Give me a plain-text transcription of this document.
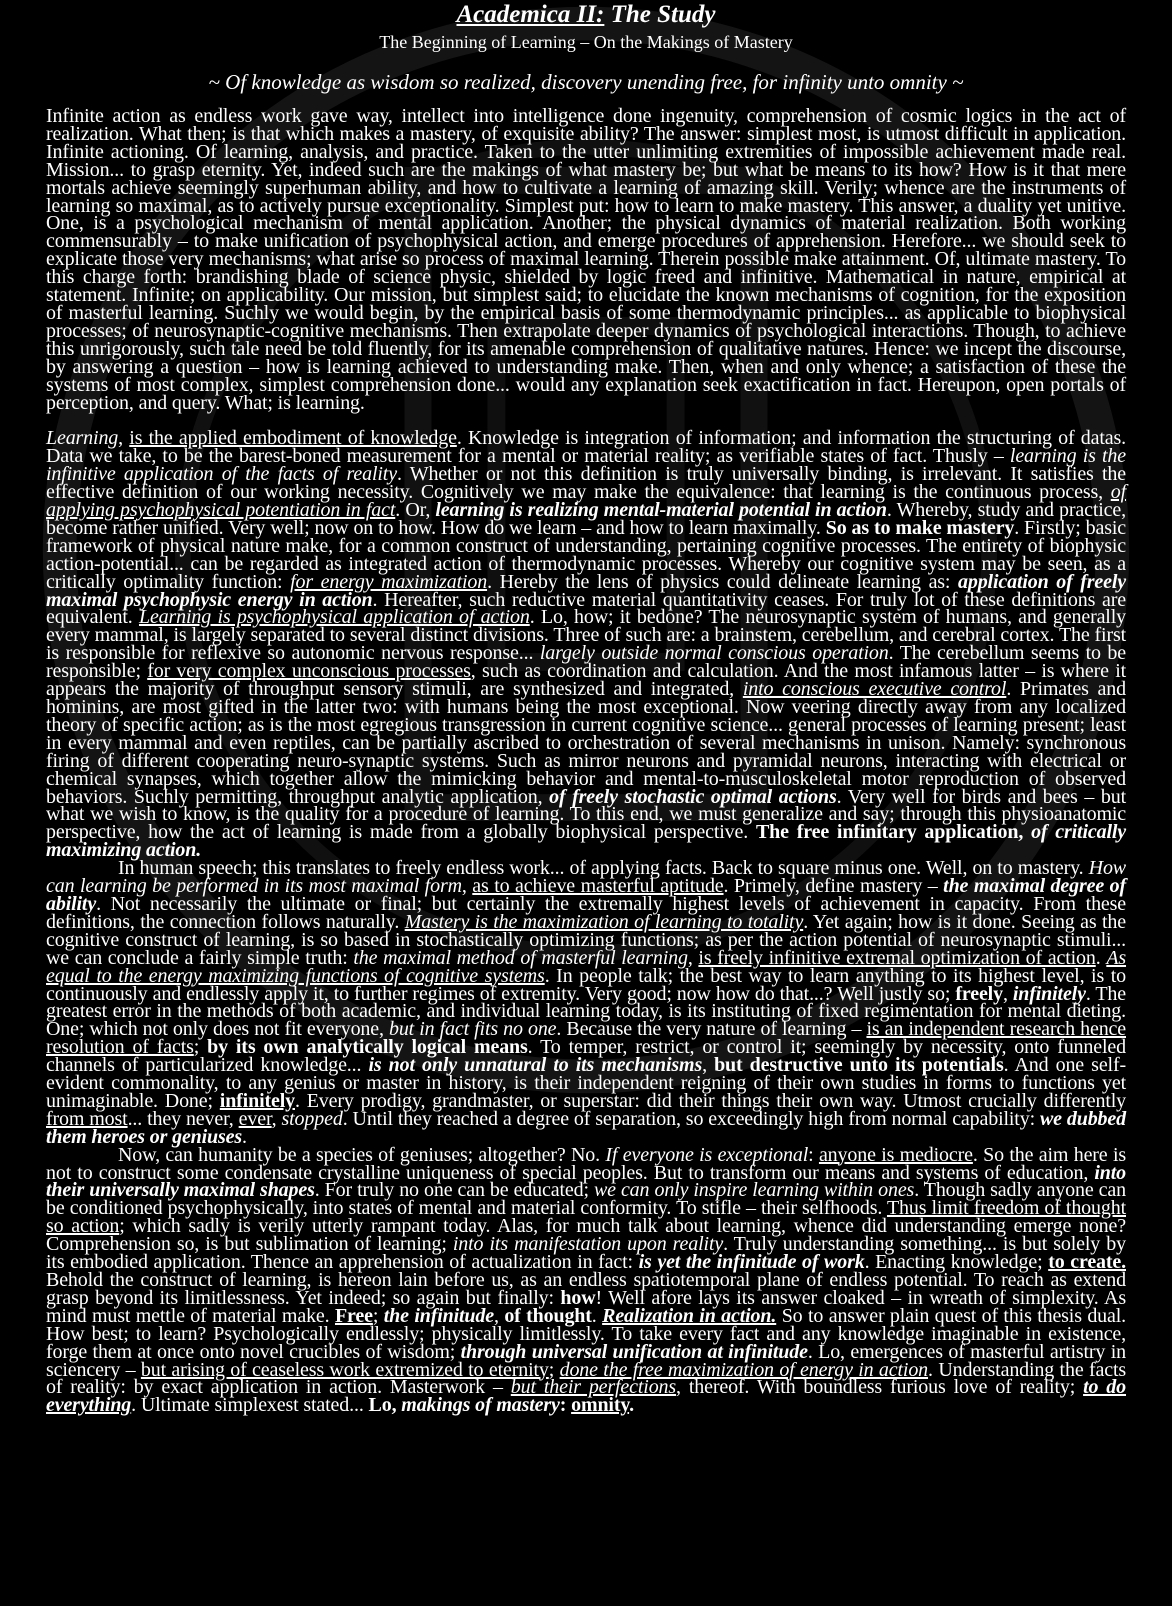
Academica II: The Study
The Beginning of Learning – On the Makings of Mastery
~ Of knowledge as wisdom so realized, discovery unending free, for infinity unto omnity ~

Infinite action as endless work gave way, intellect into intelligence done ingenuity, comprehension of cosmic logics in the act of realization. What then; is that which makes a mastery, of exquisite ability? The answer: simplest most, is utmost difficult in application. Infinite actioning. Of learning, analysis, and practice. Taken to the utter unlimiting extremities of impossible achievement made real. Mission... to grasp eternity. Yet, indeed such are the makings of what mastery be; but what be means to its how? How is it that mere mortals achieve seemingly superhuman ability, and how to cultivate a learning of amazing skill. Verily; whence are the instruments of learning so maximal, as to actively pursue exceptionality. Simplest put: how to learn to make mastery. This answer, a duality yet unitive. One, is a psychological mechanism of mental application. Another; the physical dynamics of material realization. Both working commensurably – to make unification of psychophysical action, and emerge procedures of apprehension. Herefore... we should seek to explicate those very mechanisms; what arise so process of maximal learning. Therein possible make attainment. Of, ultimate mastery. To this charge forth: brandishing blade of science physic, shielded by logic freed and infinitive. Mathematical in nature, empirical at statement. Infinite; on applicability. Our mission, but simplest said; to elucidate the known mechanisms of cognition, for the exposition of masterful learning. Suchly we would begin, by the empirical basis of some thermodynamic principles... as applicable to biophysical processes; of neurosynaptic-cognitive mechanisms. Then extrapolate deeper dynamics of psychological interactions. Though, to achieve this unrigorously, such tale need be told fluently, for its amenable comprehension of qualitative natures. Hence: we incept the discourse, by answering a question – how is learning achieved to understanding make. Then, when and only whence; a satisfaction of these the systems of most complex, simplest comprehension done... would any explanation seek exactification in fact. Hereupon, open portals of perception, and query. What; is learning.

Learning, is the applied embodiment of knowledge. Knowledge is integration of information; and information the structuring of datas. Data we take, to be the barest-boned measurement for a mental or material reality; as verifiable states of fact. Thusly – learning is the infinitive application of the facts of reality. Whether or not this definition is truly universally binding, is irrelevant. It satisfies the effective definition of our working necessity. Cognitively we may make the equivalence: that learning is the continuous process, of applying psychophysical potentiation in fact. Or, learning is realizing mental-material potential in action. Whereby, study and practice, become rather unified. Very well; now on to how. How do we learn – and how to learn maximally. So as to make mastery. Firstly; basic framework of physical nature make, for a common construct of understanding, pertaining cognitive processes. The entirety of biophysic action-potential... can be regarded as integrated action of thermodynamic processes. Whereby our cognitive system may be seen, as a critically optimality function: for energy maximization. Hereby the lens of physics could delineate learning as: application of freely maximal psychophysic energy in action. Hereafter, such reductive material quantitativity ceases. For truly lot of these definitions are equivalent. Learning is psychophysical application of action. Lo, how; it bedone? The neurosynaptic system of humans, and generally every mammal, is largely separated to several distinct divisions. Three of such are: a brainstem, cerebellum, and cerebral cortex. The first is responsible for reflexive so autonomic nervous response... largely outside normal conscious operation. The cerebellum seems to be responsible; for very complex unconscious processes, such as coordination and calculation. And the most infamous latter – is where it appears the majority of throughput sensory stimuli, are synthesized and integrated, into conscious executive control. Primates and hominins, are most gifted in the latter two: with humans being the most exceptional. Now veering directly away from any localized theory of specific action; as is the most egregious transgression in current cognitive science... general processes of learning present; least in every mammal and even reptiles, can be partially ascribed to orchestration of several mechanisms in unison. Namely: synchronous firing of different cooperating neuro-synaptic systems. Such as mirror neurons and pyramidal neurons, interacting with electrical or chemical synapses, which together allow the mimicking behavior and mental-to-musculoskeletal motor reproduction of observed behaviors. Suchly permitting, throughput analytic application, of freely stochastic optimal actions. Very well for birds and bees – but what we wish to know, is the quality for a procedure of learning. To this end, we must generalize and say; through this physioanatomic perspective, how the act of learning is made from a globally biophysical perspective. The free infinitary application, of critically maximizing action.

In human speech; this translates to freely endless work... of applying facts. Back to square minus one. Well, on to mastery. How can learning be performed in its most maximal form, as to achieve masterful aptitude. Primely, define mastery – the maximal degree of ability. Not necessarily the ultimate or final; but certainly the extremally highest levels of achievement in capacity. From these definitions, the connection follows naturally. Mastery is the maximization of learning to totality. Yet again; how is it done. Seeing as the cognitive construct of learning, is so based in stochastically optimizing functions; as per the action potential of neurosynaptic stimuli... we can conclude a fairly simple truth: the maximal method of masterful learning, is freely infinitive extremal optimization of action. As equal to the energy maximizing functions of cognitive systems. In people talk; the best way to learn anything to its highest level, is to continuously and endlessly apply it, to further regimes of extremity. Very good; now how do that...? Well justly so; freely, infinitely. The greatest error in the methods of both academic, and individual learning today, is its instituting of fixed regimentation for mental dieting. One; which not only does not fit everyone, but in fact fits no one. Because the very nature of learning – is an independent research hence resolution of facts; by its own analytically logical means. To temper, restrict, or control it; seemingly by necessity, onto funneled channels of particularized knowledge... is not only unnatural to its mechanisms, but destructive unto its potentials. And one self-evident commonality, to any genius or master in history, is their independent reigning of their own studies in forms to functions yet unimaginable. Done; infinitely. Every prodigy, grandmaster, or superstar: did their things their own way. Utmost crucially differently from most... they never, ever, stopped. Until they reached a degree of separation, so exceedingly high from normal capability: we dubbed them heroes or geniuses.

Now, can humanity be a species of geniuses; altogether? No. If everyone is exceptional: anyone is mediocre. So the aim here is not to construct some condensate crystalline uniqueness of special peoples. But to transform our means and systems of education, into their universally maximal shapes. For truly no one can be educated; we can only inspire learning within ones. Though sadly anyone can be conditioned psychophysically, into states of mental and material conformity. To stifle – their selfhoods. Thus limit freedom of thought so action; which sadly is verily utterly rampant today. Alas, for much talk about learning, whence did understanding emerge none? Comprehension so, is but sublimation of learning; into its manifestation upon reality. Truly understanding something... is but solely by its embodied application. Thence an apprehension of actualization in fact: is yet the infinitude of work. Enacting knowledge; to create. Behold the construct of learning, is hereon lain before us, as an endless spatiotemporal plane of endless potential. To reach as extend grasp beyond its limitlessness. Yet indeed; so again but finally: how! Well afore lays its answer cloaked – in wreath of simplexity. As mind must mettle of material make. Free; the infinitude, of thought. Realization in action. So to answer plain quest of this thesis dual. How best; to learn? Psychologically endlessly; physically limitlessly. To take every fact and any knowledge imaginable in existence, forge them at once onto novel crucibles of wisdom; through universal unification at infinitude. Lo, emergences of masterful artistry in sciencery – but arising of ceaseless work extremized to eternity; done the free maximization of energy in action. Understanding the facts of reality: by exact application in action. Masterwork – but their perfections, thereof. With boundless furious love of reality; to do everything. Ultimate simplexest stated... Lo, makings of mastery: omnity.
